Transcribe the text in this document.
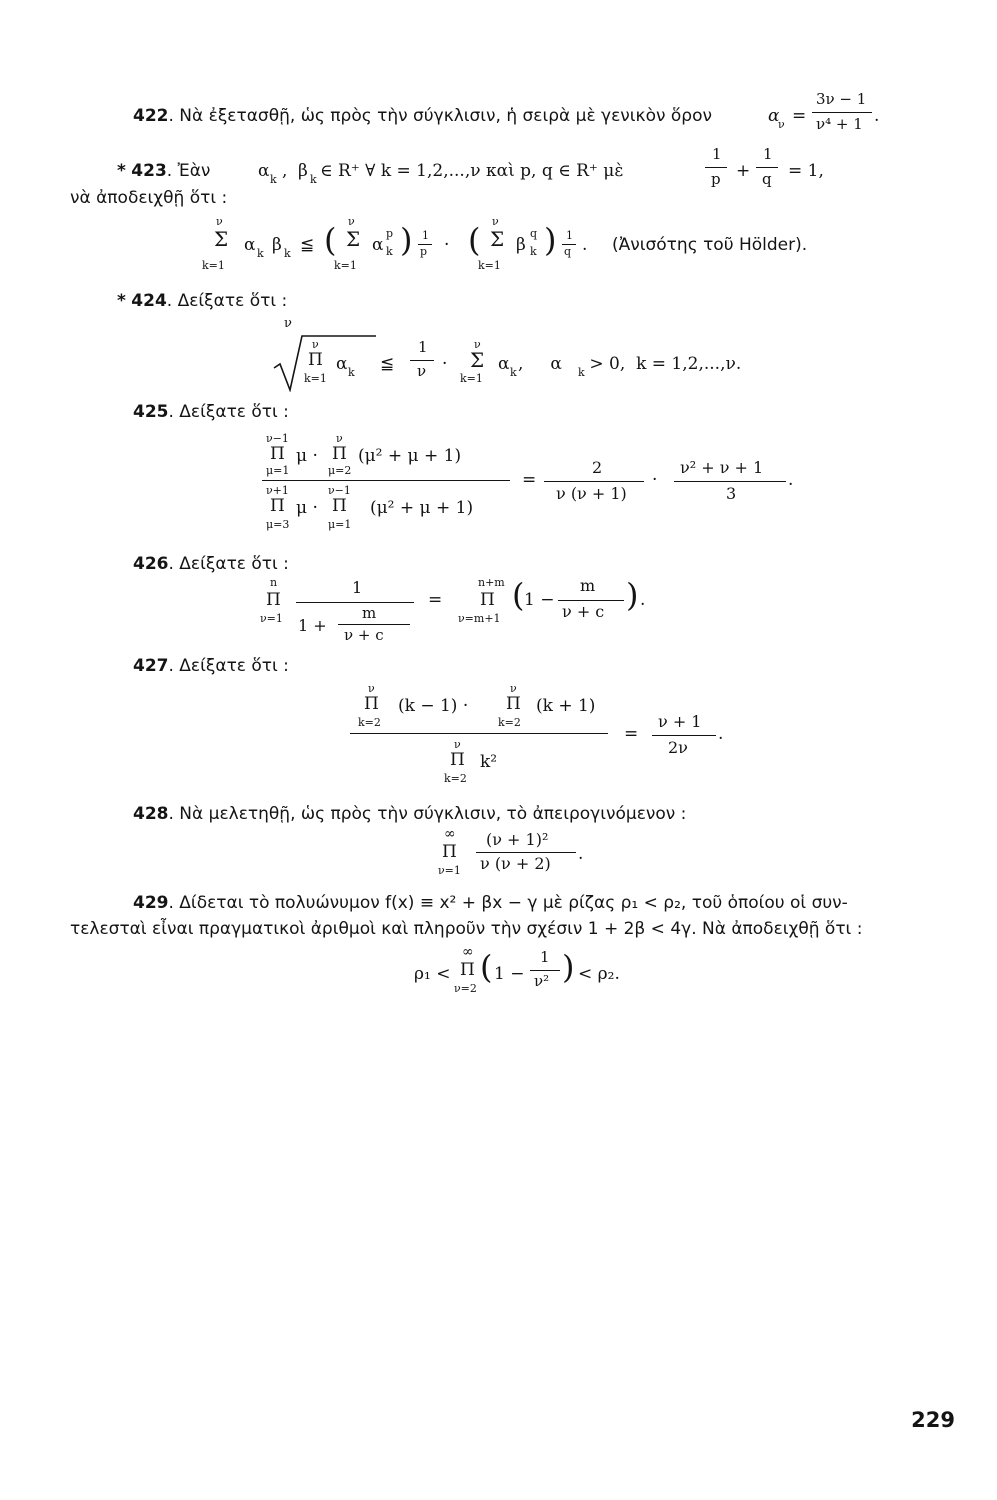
422. Νὰ ἐξετασθῇ, ὡς πρὸς τὴν σύγκλισιν, ἡ σειρὰ μὲ γενικὸν ὅρον	α
ν =
3ν − 1
ν⁴ + 1 .
* 423. Ἐὰν	α k , β k ∈ R⁺ ∀ k = 1,2,...,ν καὶ p, q ∈ R⁺ μὲ
1
p +
1
q = 1,
νὰ ἀποδειχθῇ ὅτι :
ν
Σ
k=1
α k β k ≦ ( ν
Σ
k=1
α
p
k ) 1
p · ( ν
Σ
k=1
β
q
k ) 1
q . (Ἀνισότης τοῦ Hölder).
* 424. Δείξατε ὅτι :
ν
ν
Π
k=1
α k ≦
1
ν ·
ν
Σ
k=1
α k ,     α k > 0,  k = 1,2,...,ν.
425. Δείξατε ὅτι :
ν−1
Π
μ=1
μ ·
ν
Π
μ=2
(μ² + μ + 1)
ν+1
Π
μ=3
μ ·
ν−1
Π
μ=1
(μ² + μ + 1)
=
2
ν (ν + 1)
·
ν² + ν + 1
3
.
426. Δείξατε ὅτι :
n
Π
ν=1
1
1 +
m
ν + c
=
n+m
Π
ν=m+1
( 1 −
m
ν + c ) .
427. Δείξατε ὅτι :
ν
Π
k=2
(k − 1) ·
ν
Π
k=2
(k + 1)
ν
Π
k=2
k²
=
ν + 1
2ν
.
428. Νὰ μελετηθῇ, ὡς πρὸς τὴν σύγκλισιν, τὸ ἀπειρογινόμενον :
∞
Π
ν=1
(ν + 1)²
ν (ν + 2) .
429. Δίδεται τὸ πολυώνυμον f(x) ≡ x² + βx − γ μὲ ρίζας ρ₁ < ρ₂, τοῦ ὁποίου οἱ συν-
τελεσταὶ εἶναι πραγματικοὶ ἀριθμοὶ καὶ πληροῦν τὴν σχέσιν 1 + 2β < 4γ. Νὰ ἀποδειχθῇ ὅτι :
ρ₁ <
∞
Π
ν=2
( 1 −
1
ν² ) < ρ₂.
229
